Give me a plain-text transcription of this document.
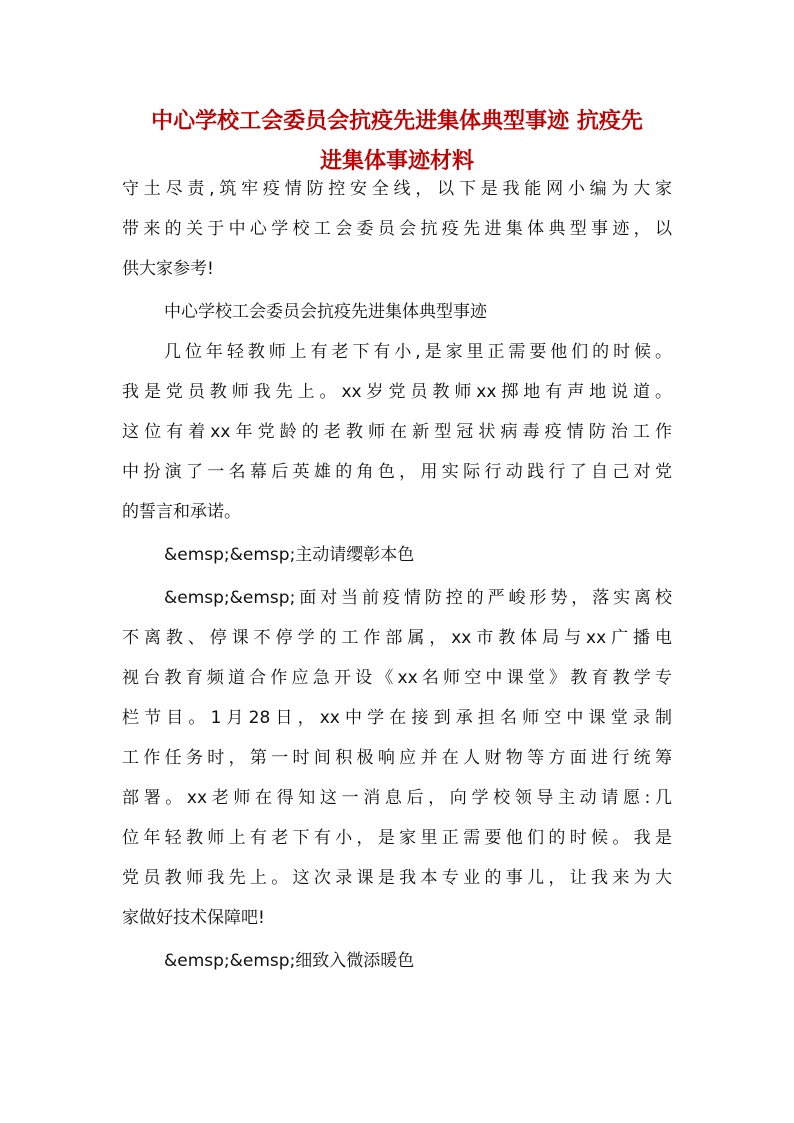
中心学校工会委员会抗疫先进集体典型事迹 抗疫先
进集体事迹材料
守土尽责,筑牢疫情防控安全线，以下是我能网小编为大家
带来的关于中心学校工会委员会抗疫先进集体典型事迹，以
供大家参考!
中心学校工会委员会抗疫先进集体典型事迹
几位年轻教师上有老下有小,是家里正需要他们的时候。
我是党员教师我先上。xx岁党员教师xx掷地有声地说道。
这位有着xx年党龄的老教师在新型冠状病毒疫情防治工作
中扮演了一名幕后英雄的角色，用实际行动践行了自己对党
的誓言和承诺。
&emsp;&emsp;主动请缨彰本色
&emsp;&emsp;面对当前疫情防控的严峻形势，落实离校
不离教、停课不停学的工作部属，xx市教体局与xx广播电
视台教育频道合作应急开设《xx名师空中课堂》教育教学专
栏节目。1月28日，xx中学在接到承担名师空中课堂录制
工作任务时，第一时间积极响应并在人财物等方面进行统筹
部署。xx老师在得知这一消息后，向学校领导主动请愿:几
位年轻教师上有老下有小，是家里正需要他们的时候。我是
党员教师我先上。这次录课是我本专业的事儿，让我来为大
家做好技术保障吧!
&emsp;&emsp;细致入微添暖色
